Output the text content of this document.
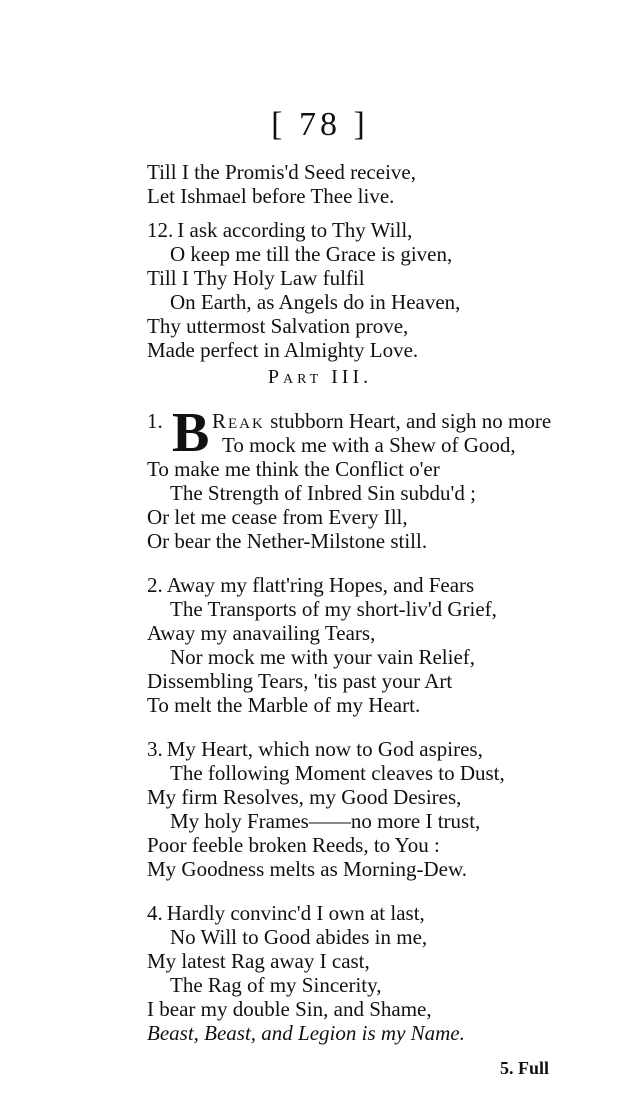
[ 78 ]
Till I the Promis'd Seed receive,
Let Ishmael before Thee live.
12. I ask according to Thy Will,
O keep me till the Grace is given,
Till I Thy Holy Law fulfil
On Earth, as Angels do in Heaven,
Thy uttermost Salvation prove,
Made perfect in Almighty Love.
Part III.
1. B Reak stubborn Heart, and sigh no more
To mock me with a Shew of Good,
To make me think the Conflict o'er
The Strength of Inbred Sin subdu'd ;
Or let me cease from Every Ill,
Or bear the Nether-Milstone still.
2. Away my flatt'ring Hopes, and Fears
The Transports of my short-liv'd Grief,
Away my anavailing Tears,
Nor mock me with your vain Relief,
Dissembling Tears, 'tis past your Art
To melt the Marble of my Heart.
3. My Heart, which now to God aspires,
The following Moment cleaves to Dust,
My firm Resolves, my Good Desires,
My holy Frames——no more I trust,
Poor feeble broken Reeds, to You :
My Goodness melts as Morning-Dew.
4. Hardly convinc'd I own at last,
No Will to Good abides in me,
My latest Rag away I cast,
The Rag of my Sincerity,
I bear my double Sin, and Shame,
Beast, Beast, and Legion is my Name.
5. Full
